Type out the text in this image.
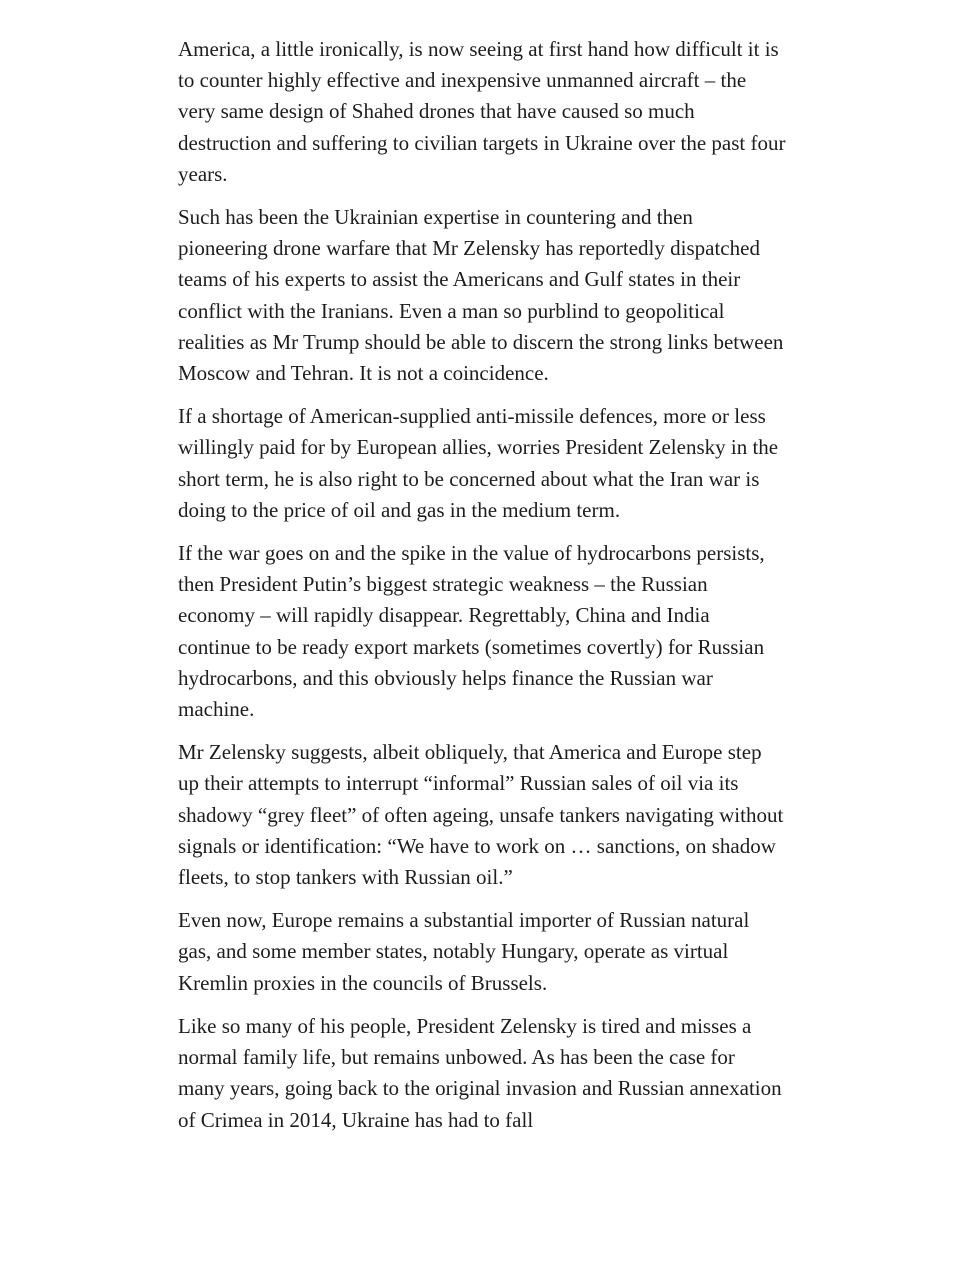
America, a little ironically, is now seeing at first hand how difficult it is to counter highly effective and inexpensive unmanned aircraft – the very same design of Shahed drones that have caused so much destruction and suffering to civilian targets in Ukraine over the past four years.

Such has been the Ukrainian expertise in countering and then pioneering drone warfare that Mr Zelensky has reportedly dispatched teams of his experts to assist the Americans and Gulf states in their conflict with the Iranians. Even a man so purblind to geopolitical realities as Mr Trump should be able to discern the strong links between Moscow and Tehran. It is not a coincidence.

If a shortage of American-supplied anti-missile defences, more or less willingly paid for by European allies, worries President Zelensky in the short term, he is also right to be concerned about what the Iran war is doing to the price of oil and gas in the medium term.

If the war goes on and the spike in the value of hydrocarbons persists, then President Putin’s biggest strategic weakness – the Russian economy – will rapidly disappear. Regrettably, China and India continue to be ready export markets (sometimes covertly) for Russian hydrocarbons, and this obviously helps finance the Russian war machine.

Mr Zelensky suggests, albeit obliquely, that America and Europe step up their attempts to interrupt “informal” Russian sales of oil via its shadowy “grey fleet” of often ageing, unsafe tankers navigating without signals or identification: “We have to work on … sanctions, on shadow fleets, to stop tankers with Russian oil.”

Even now, Europe remains a substantial importer of Russian natural gas, and some member states, notably Hungary, operate as virtual Kremlin proxies in the councils of Brussels.

Like so many of his people, President Zelensky is tired and misses a normal family life, but remains unbowed. As has been the case for many years, going back to the original invasion and Russian annexation of Crimea in 2014, Ukraine has had to fall
